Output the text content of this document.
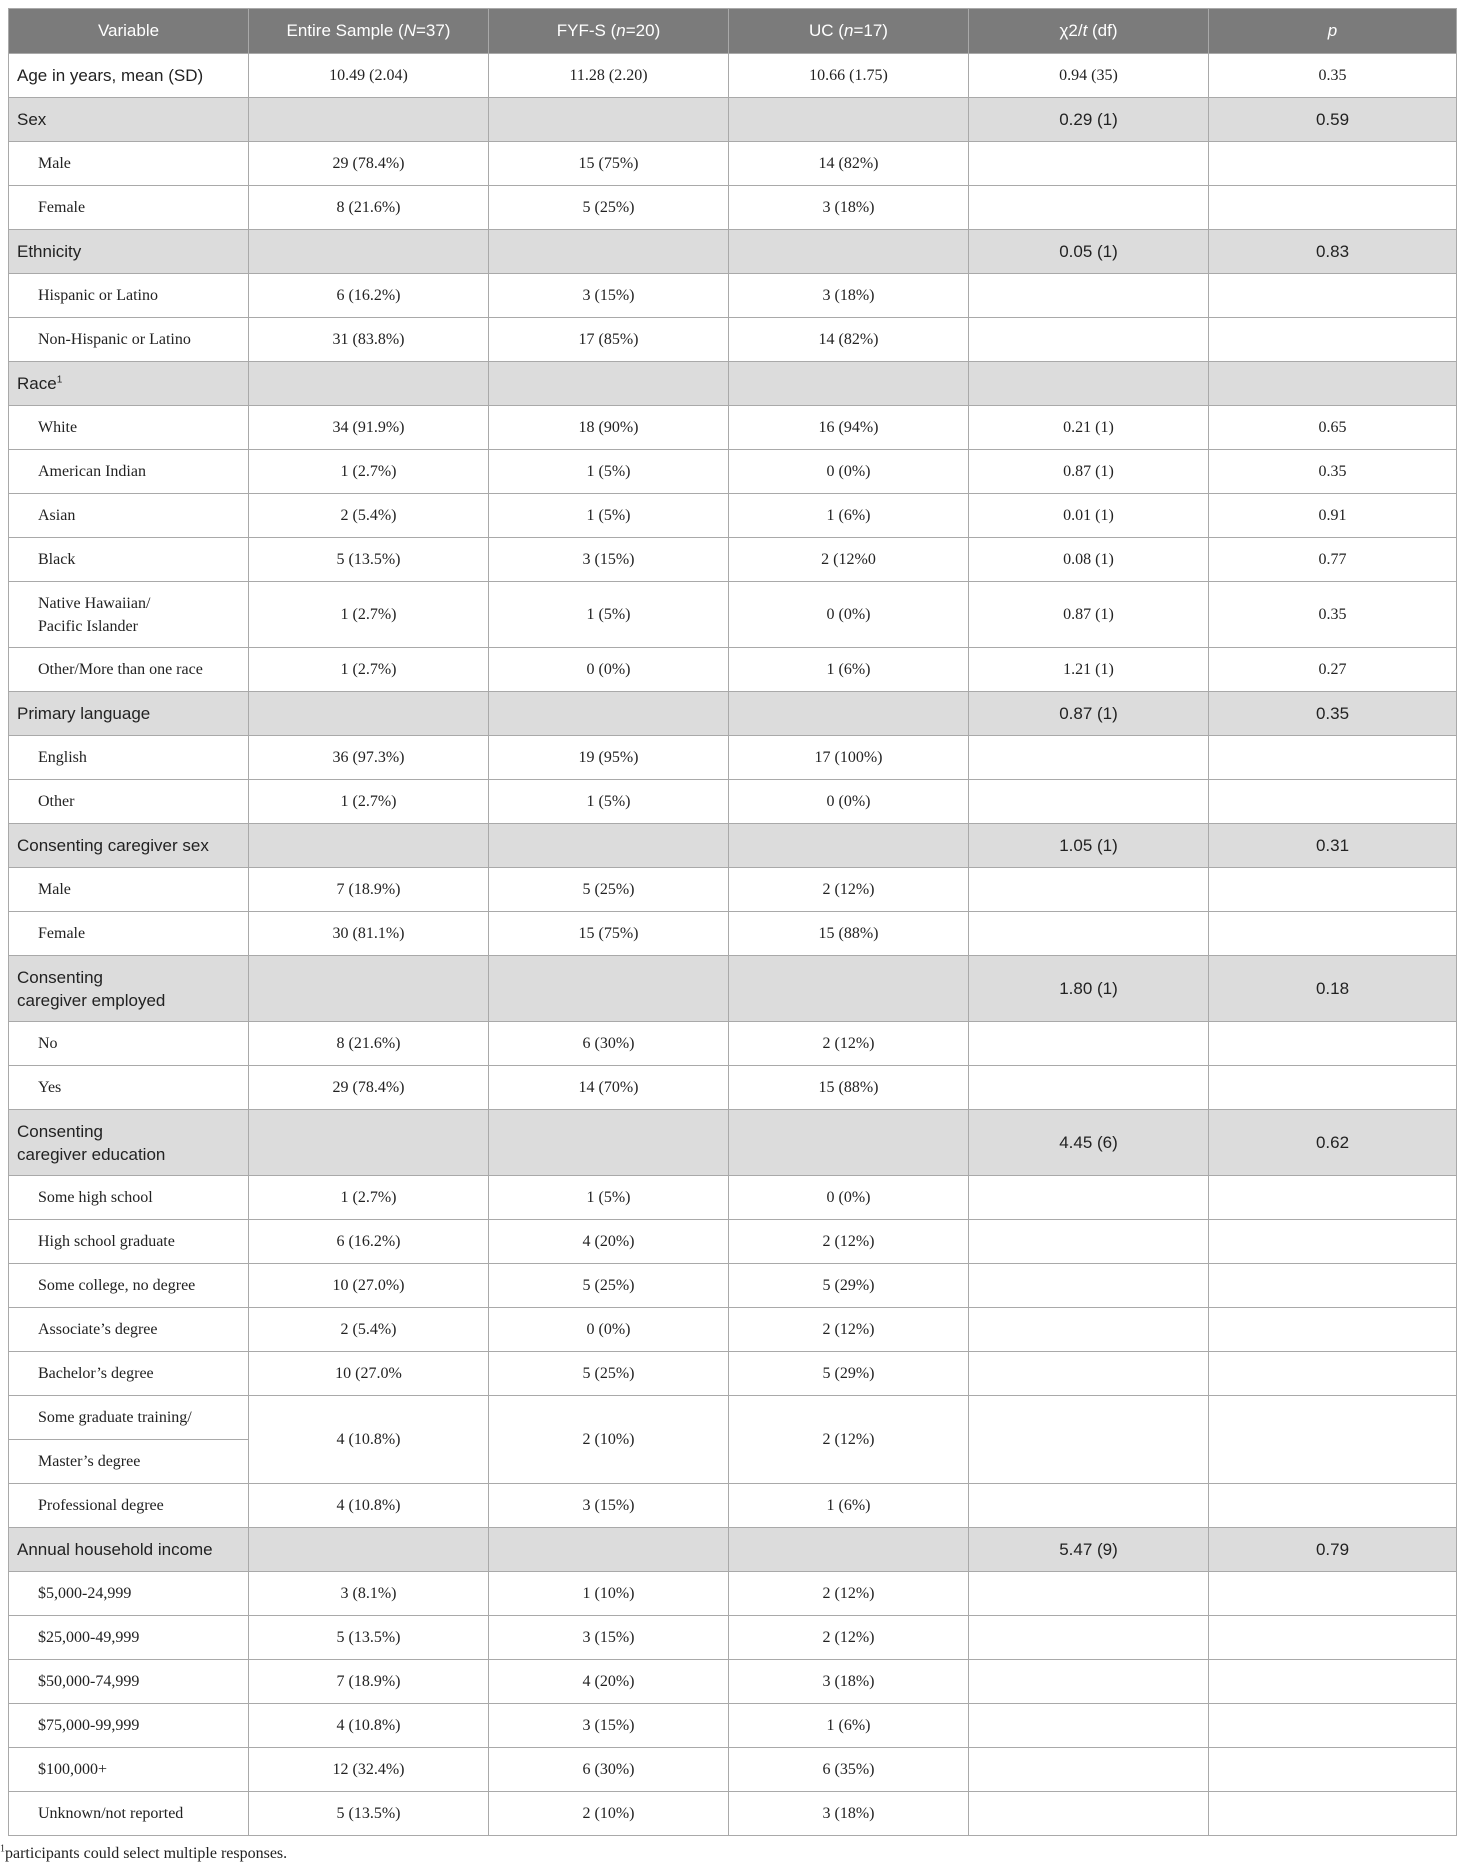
Variable	Entire Sample (N=37)	FYF-S (n=20)	UC (n=17)	χ2/t (df)	p
Age in years, mean (SD)	10.49 (2.04)	11.28 (2.20)	10.66 (1.75)	0.94 (35)	0.35
Sex				0.29 (1)	0.59
Male	29 (78.4%)	15 (75%)	14 (82%)		
Female	8 (21.6%)	5 (25%)	3 (18%)		
Ethnicity				0.05 (1)	0.83
Hispanic or Latino	6 (16.2%)	3 (15%)	3 (18%)		
Non-Hispanic or Latino	31 (83.8%)	17 (85%)	14 (82%)		
Race$^1$					
White	34 (91.9%)	18 (90%)	16 (94%)	0.21 (1)	0.65
American Indian	1 (2.7%)	1 (5%)	0 (0%)	0.87 (1)	0.35
Asian	2 (5.4%)	1 (5%)	1 (6%)	0.01 (1)	0.91
Black	5 (13.5%)	3 (15%)	2 (12%0	0.08 (1)	0.77
Native Hawaiian/
Pacific Islander	1 (2.7%)	1 (5%)	0 (0%)	0.87 (1)	0.35
Other/More than one race	1 (2.7%)	0 (0%)	1 (6%)	1.21 (1)	0.27
Primary language				0.87 (1)	0.35
English	36 (97.3%)	19 (95%)	17 (100%)		
Other	1 (2.7%)	1 (5%)	0 (0%)		
Consenting caregiver sex				1.05 (1)	0.31
Male	7 (18.9%)	5 (25%)	2 (12%)		
Female	30 (81.1%)	15 (75%)	15 (88%)		
Consenting
caregiver employed				1.80 (1)	0.18
No	8 (21.6%)	6 (30%)	2 (12%)		
Yes	29 (78.4%)	14 (70%)	15 (88%)		
Consenting
caregiver education				4.45 (6)	0.62
Some high school	1 (2.7%)	1 (5%)	0 (0%)		
High school graduate	6 (16.2%)	4 (20%)	2 (12%)		
Some college, no degree	10 (27.0%)	5 (25%)	5 (29%)		
Associate’s degree	2 (5.4%)	0 (0%)	2 (12%)		
Bachelor’s degree	10 (27.0%	5 (25%)	5 (29%)		
Some graduate training/	4 (10.8%)	2 (10%)	2 (12%)		
Master’s degree					
Professional degree	4 (10.8%)	3 (15%)	1 (6%)		
Annual household income				5.47 (9)	0.79
$5,000-24,999	3 (8.1%)	1 (10%)	2 (12%)		
$25,000-49,999	5 (13.5%)	3 (15%)	2 (12%)		
$50,000-74,999	7 (18.9%)	4 (20%)	3 (18%)		
$75,000-99,999	4 (10.8%)	3 (15%)	1 (6%)		
$100,000+	12 (32.4%)	6 (30%)	6 (35%)		
Unknown/not reported	5 (13.5%)	2 (10%)	3 (18%)		
$^1$participants could select multiple responses.
